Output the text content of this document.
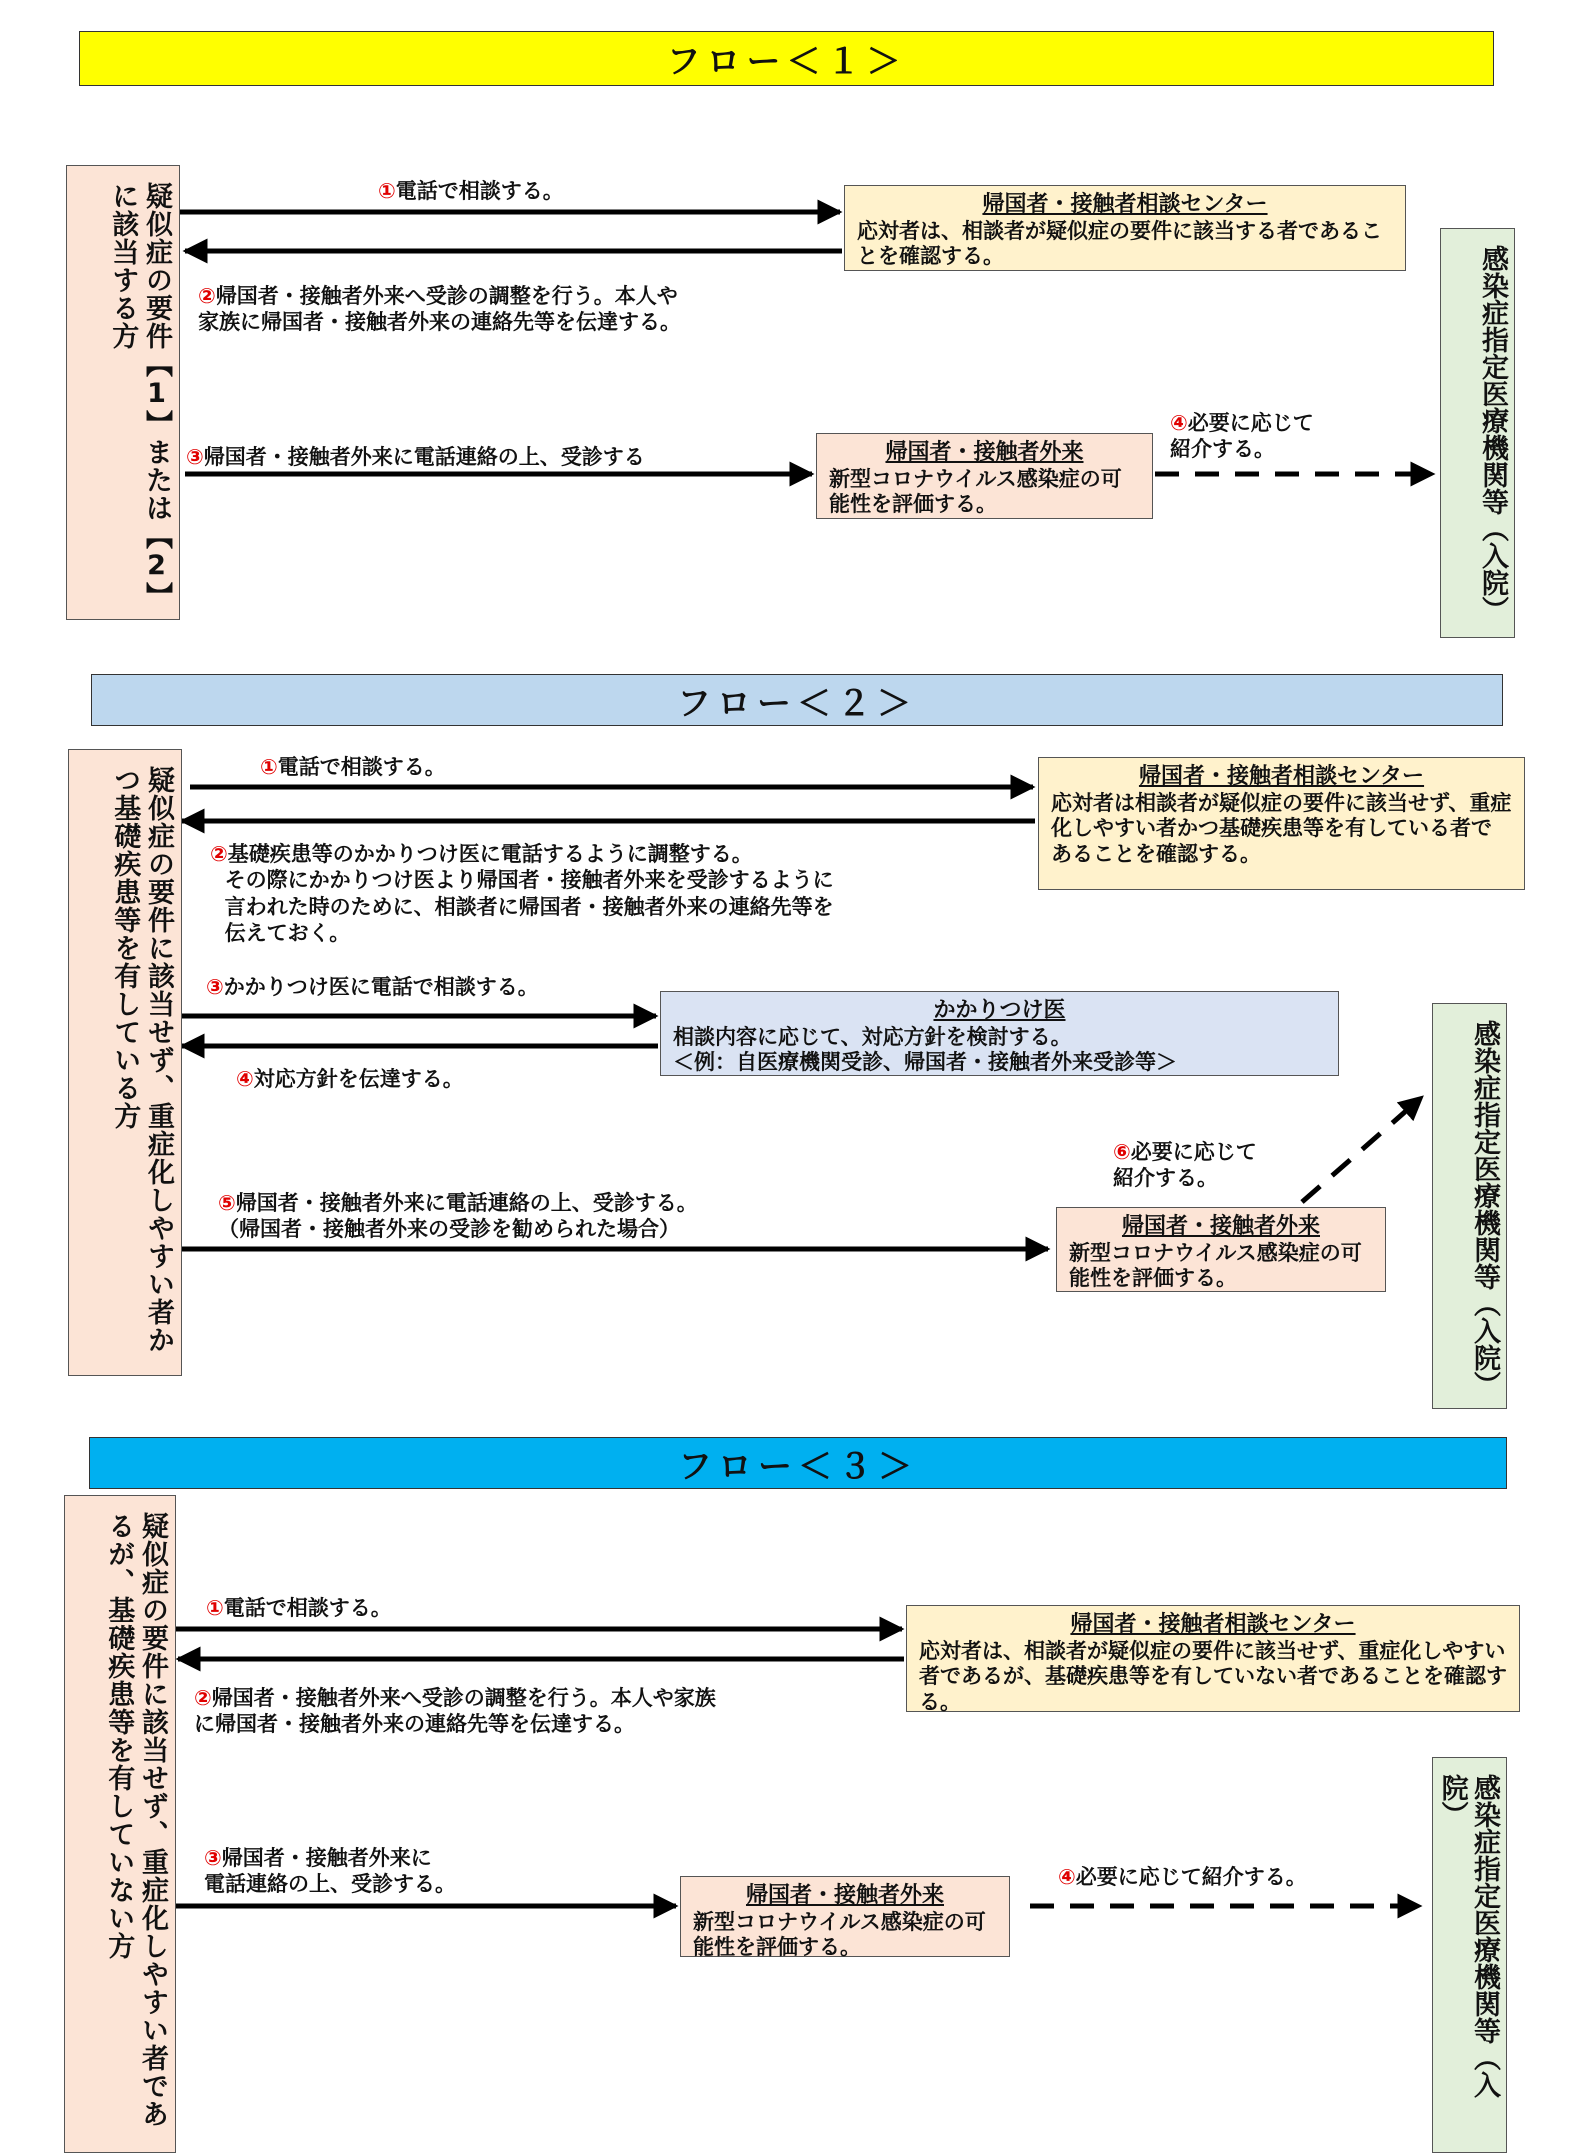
フロー＜１＞
疑似症の要件【1】または【2】に該当する方	①電話で相談する。
帰国者・接触者相談センター
応対者は、相談者が疑似症の要件に該当する者であることを確認する。
②帰国者・接触者外来へ受診の調整を行う。本人や
家族に帰国者・接触者外来の連絡先等を伝達する。
③帰国者・接触者外来に電話連絡の上、受診する	帰国者・接触者外来
新型コロナウイルス感染症の可能性を評価する。
④必要に応じて
紹介する。	感染症指定医療機関等（入院）
フロー＜２＞
疑似症の要件に該当せず、重症化しやすい者かつ基礎疾患等を有している方	①電話で相談する。	帰国者・接触者相談センター
応対者は相談者が疑似症の要件に該当せず、重症化しやすい者かつ基礎疾患等を有している者であることを確認する。
②基礎疾患等のかかりつけ医に電話するように調整する。
その際にかかりつけ医より帰国者・接触者外来を受診するように
言われた時のために、相談者に帰国者・接触者外来の連絡先等を
伝えておく。
③かかりつけ医に電話で相談する。
かかりつけ医
相談内容に応じて、対応方針を検討する。
＜例：自医療機関受診、帰国者・接触者外来受診等＞
④対応方針を伝達する。
⑥必要に応じて
紹介する。
⑤帰国者・接触者外来に電話連絡の上、受診する。
（帰国者・接触者外来の受診を勧められた場合）	帰国者・接触者外来
新型コロナウイルス感染症の可能性を評価する。	感染症指定医療機関等（入院）
フロー＜３＞
疑似症の要件に該当せず、重症化しやすい者であるが、基礎疾患等を有していない方	①電話で相談する。
帰国者・接触者相談センター
応対者は、相談者が疑似症の要件に該当せず、重症化しやすい者であるが、基礎疾患等を有していない者であることを確認する。
②帰国者・接触者外来へ受診の調整を行う。本人や家族
に帰国者・接触者外来の連絡先等を伝達する。
③帰国者・接触者外来に
電話連絡の上、受診する。	帰国者・接触者外来
新型コロナウイルス感染症の可能性を評価する。
④必要に応じて紹介する。	感染症指定医療機関等（入院）
